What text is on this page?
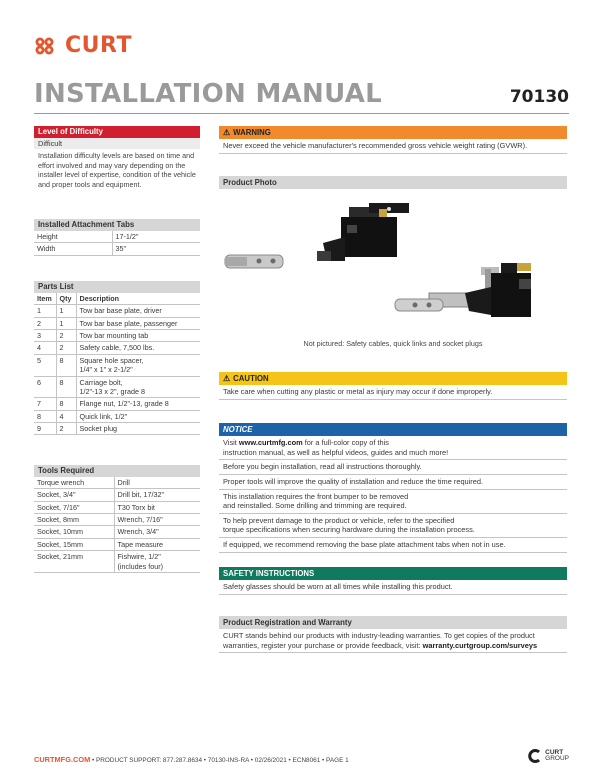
CURT
INSTALLATION MANUAL	70130
Level of Difficulty
Difficult
Installation difficulty levels are based on time and effort involved and may vary depending on the installer level of expertise, condition of the vehicle and proper tools and equipment.
Installed Attachment Tabs
Height	17-1/2"
Width	35"
Parts List
Item	Qty	Description
1	1	Tow bar base plate, driver
2	1	Tow bar base plate, passenger
3	2	Tow bar mounting tab
4	2	Safety cable, 7,500 lbs.
5	8	Square hole spacer,
1/4" x 1" x 2-1/2"

6	8	Carriage bolt,
1/2"-13 x 2", grade 8

7	8	Flange nut, 1/2"-13, grade 8
8	4	Quick link, 1/2"
9	2	Socket plug
Tools Required
Torque wrench	Drill
Socket, 3/4"	Drill bit, 17/32"
Socket, 7/16"	T30 Torx bit
Socket, 8mm	Wrench, 7/16"
Socket, 10mm	Wrench, 3/4"
Socket, 15mm	Tape measure
Socket, 21mm	Fishwire, 1/2"
(includes four)
⚠ WARNING
Never exceed the vehicle manufacturer's recommended gross vehicle weight rating (GVWR).
Product Photo
Not pictured: Safety cables, quick links and socket plugs
⚠ CAUTION
Take care when cutting any plastic or metal as injury may occur if done improperly.
NOTICE
Visit www.curtmfg.com for a full-color copy of this
instruction manual, as well as helpful videos, guides and much more!
Before you begin installation, read all instructions thoroughly.
Proper tools will improve the quality of installation and reduce the time required.
This installation requires the front bumper to be removed
and reinstalled. Some drilling and trimming are required.
To help prevent damage to the product or vehicle, refer to the specified
torque specifications when securing hardware during the installation process.
If equipped, we recommend removing the base plate attachment tabs when not in use.
SAFETY INSTRUCTIONS
Safety glasses should be worn at all times while installing this product.
Product Registration and Warranty
CURT stands behind our products with industry-leading warranties. To get copies of the product
warranties, register your purchase or provide feedback, visit: warranty.curtgroup.com/surveys
CURTMFG.COM • PRODUCT SUPPORT: 877.287.8634 • 70130-INS-RA • 02/26/2021 • ECN8061 • PAGE 1
CURT
GROUP
